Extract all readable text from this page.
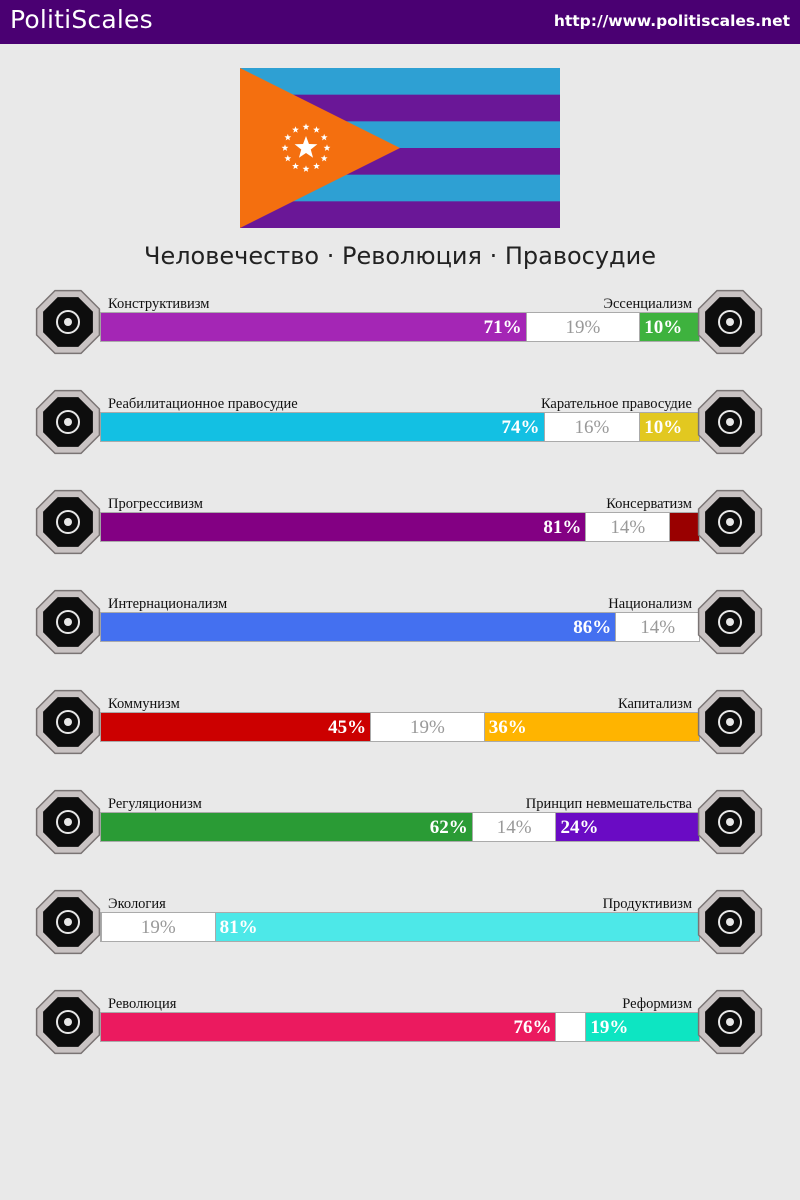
PolitiScales	http://www.politiscales.net
Человечество · Революция · Правосудие
Конструктивизм	Эссенциализм
71%	19%	10%
Реабилитационное правосудие	Карательное правосудие
74%	16%	10%
Прогрессивизм	Консерватизм
81%	14%
Интернационализм	Национализм
86%	14%
Коммунизм	Капитализм
45%	19%	36%
Регуляционизм	Принцип невмешательства
62%	14%	24%
Экология	Продуктивизм
19%	81%
Революция	Реформизм
76% 19%
